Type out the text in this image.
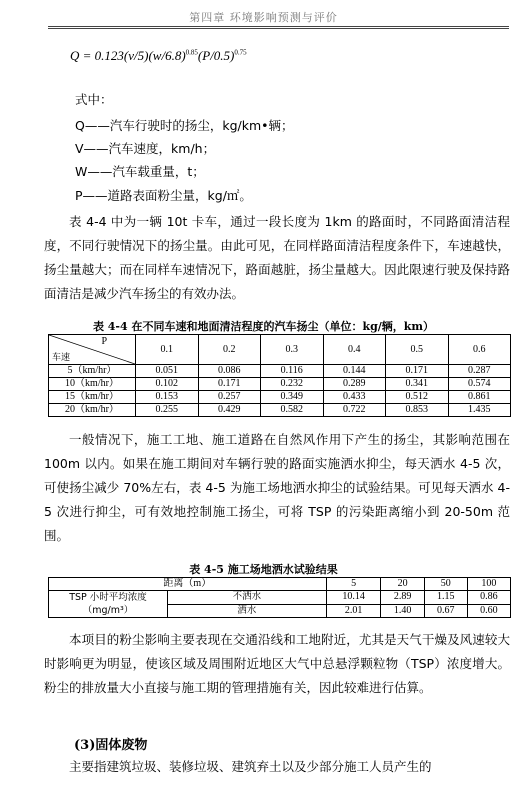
第四章 环境影响预测与评价
$Q = 0.123(v/5)(w/6.8)^{0.85}(P/0.5)^{0.75}$
式中：
Q——汽车行驶时的扬尘，kg/km•辆；
V——汽车速度，km/h；
W——汽车载重量，t；
P——道路表面粉尘量，kg/㎡。
表 4-4 中为一辆 10t 卡车，通过一段长度为 1km 的路面时，不同路面清洁程度，不同行驶情况下的扬尘量。由此可见，在同样路面清洁程度条件下，车速越快，扬尘量越大；而在同样车速情况下，路面越脏，扬尘量越大。因此限速行驶及保持路面清洁是减少汽车扬尘的有效办法。
表 4-4 在不同车速和地面清洁程度的汽车扬尘（单位：kg/辆，km）
P
车速	0.1	0.2	0.3	0.4	0.5	0.6
5（km/hr）	0.051	0.086	0.116	0.144	0.171	0.287
10（km/hr）	0.102	0.171	0.232	0.289	0.341	0.574
15（km/hr）	0.153	0.257	0.349	0.433	0.512	0.861
20（km/hr）	0.255	0.429	0.582	0.722	0.853	1.435
一般情况下，施工工地、施工道路在自然风作用下产生的扬尘，其影响范围在 100m 以内。如果在施工期间对车辆行驶的路面实施洒水抑尘，每天洒水 4-5 次，可使扬尘减少 70%左右，表 4-5 为施工场地洒水抑尘的试验结果。可见每天洒水 4-5 次进行抑尘，可有效地控制施工扬尘，可将 TSP 的污染距离缩小到 20-50m 范围。
表 4-5 施工场地洒水试验结果
距离（m）		5	20	50	100

TSP 小时平均浓度
（mg/m³）	不洒水	10.14	2.89	1.15	0.86
	洒水	2.01	1.40	0.67	0.60
本项目的粉尘影响主要表现在交通沿线和工地附近，尤其是天气干燥及风速较大时影响更为明显，使该区域及周围附近地区大气中总悬浮颗粒物（TSP）浓度增大。粉尘的排放量大小直接与施工期的管理措施有关，因此较难进行估算。
(3)固体废物
主要指建筑垃圾、装修垃圾、建筑弃土以及少部分施工人员产生的
